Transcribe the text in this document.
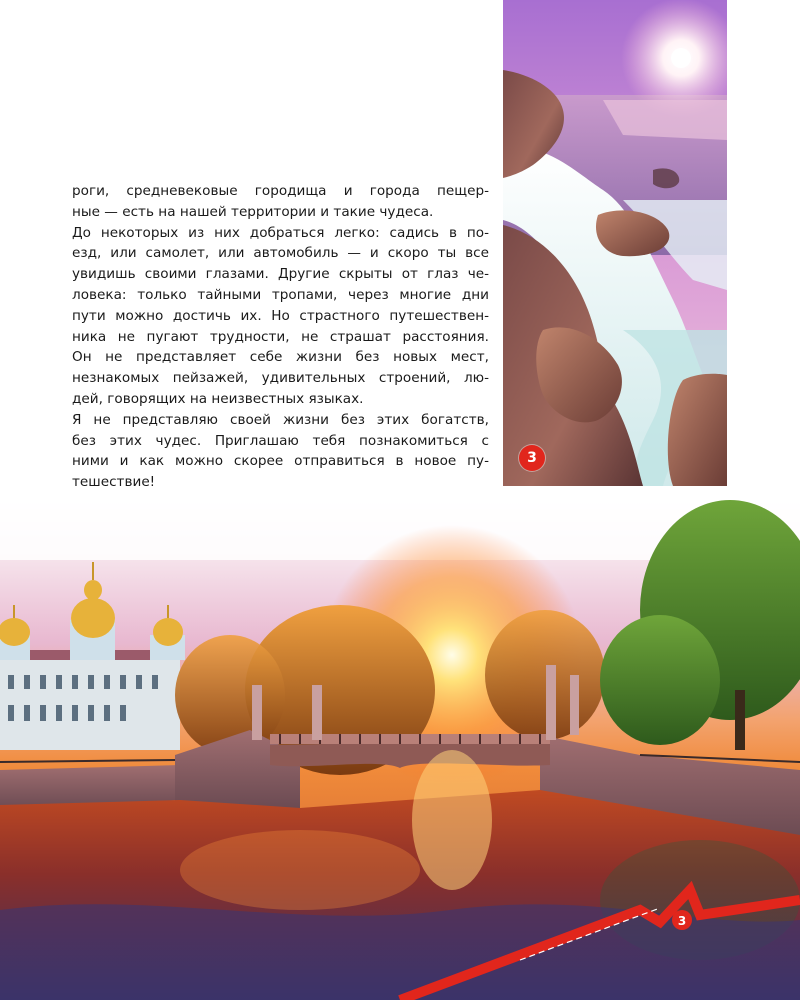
3
роги, средневековые городища и города пещер-
ные — есть на нашей территории и такие чудеса.
До некоторых из них добраться легко: садись в по-
езд, или самолет, или автомобиль — и скоро ты все
увидишь своими глазами. Другие скрыты от глаз че-
ловека: только тайными тропами, через многие дни
пути можно достичь их. Но страстного путешествен-
ника не пугают трудности, не страшат расстояния.
Он не представляет себе жизни без новых мест,
незнакомых пейзажей, удивительных строений, лю-
дей, говорящих на неизвестных языках.
Я не представляю своей жизни без этих богатств,
без этих чудес. Приглашаю тебя познакомиться с
ними и как можно скорее отправиться в новое пу-
тешествие!
3
